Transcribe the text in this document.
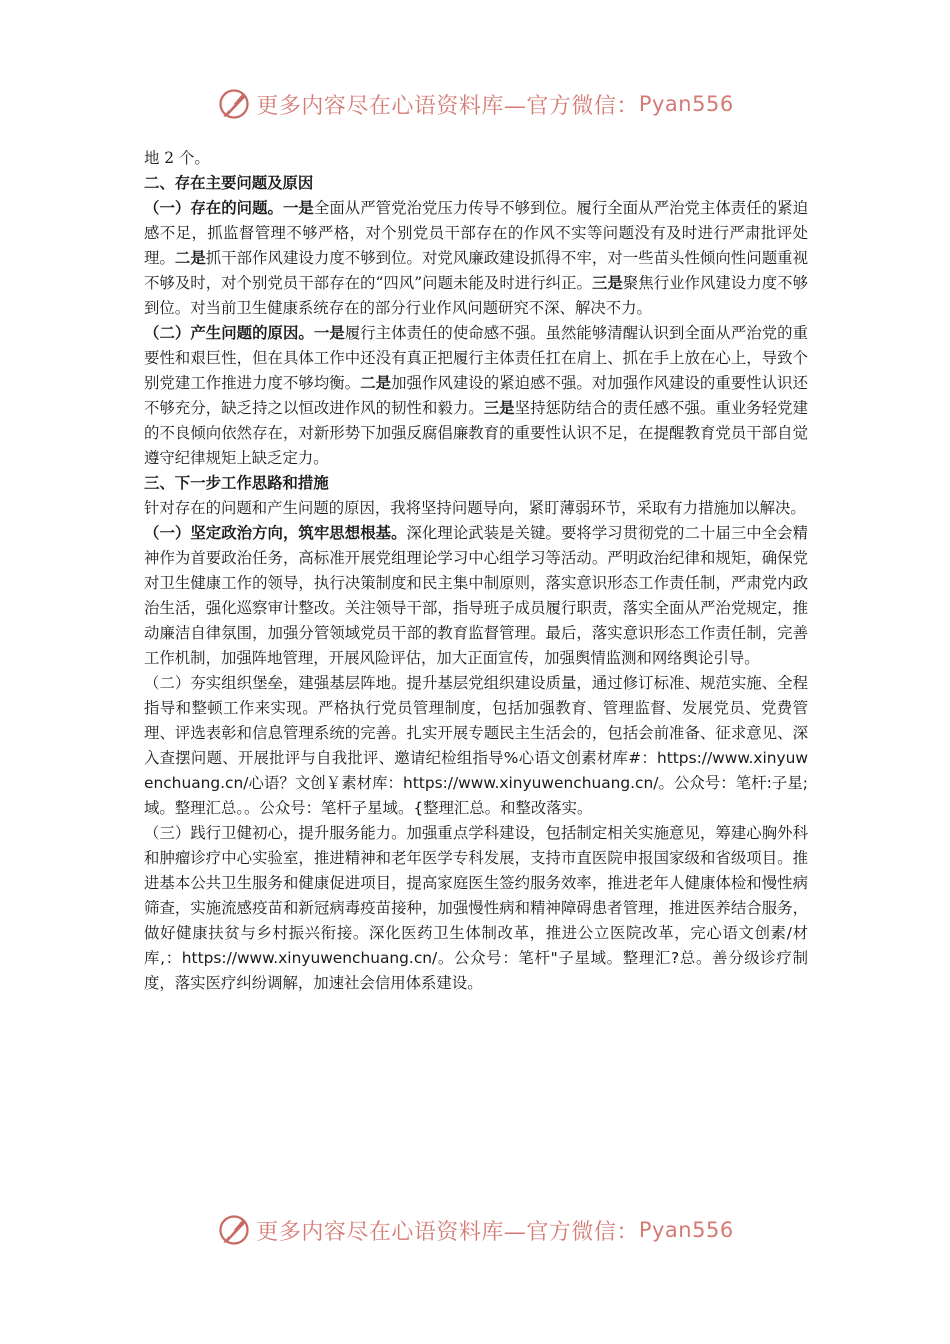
更多内容尽在心语资料库—官方微信： Pyan556

地 2 个。

二、存在主要问题及原因

（一）存在的问题。一是全面从严管党治党压力传导不够到位。履行全面从严治党主体责任的紧迫感不足，抓监督管理不够严格，对个别党员干部存在的作风不实等问题没有及时进行严肃批评处理。二是抓干部作风建设力度不够到位。对党风廉政建设抓得不牢，对一些苗头性倾向性问题重视不够及时，对个别党员干部存在的“四风”问题未能及时进行纠正。三是聚焦行业作风建设力度不够到位。对当前卫生健康系统存在的部分行业作风问题研究不深、解决不力。

（二）产生问题的原因。一是履行主体责任的使命感不强。虽然能够清醒认识到全面从严治党的重要性和艰巨性，但在具体工作中还没有真正把履行主体责任扛在肩上、抓在手上放在心上，导致个别党建工作推进力度不够均衡。二是加强作风建设的紧迫感不强。对加强作风建设的重要性认识还不够充分，缺乏持之以恒改进作风的韧性和毅力。三是坚持惩防结合的责任感不强。重业务轻党建的不良倾向依然存在，对新形势下加强反腐倡廉教育的重要性认识不足，在提醒教育党员干部自觉遵守纪律规矩上缺乏定力。

三、下一步工作思路和措施

针对存在的问题和产生问题的原因，我将坚持问题导向，紧盯薄弱环节，采取有力措施加以解决。

（一）坚定政治方向，筑牢思想根基。深化理论武装是关键。要将学习贯彻党的二十届三中全会精神作为首要政治任务，高标准开展党组理论学习中心组学习等活动。严明政治纪律和规矩，确保党对卫生健康工作的领导，执行决策制度和民主集中制原则，落实意识形态工作责任制，严肃党内政治生活，强化巡察审计整改。关注领导干部，指导班子成员履行职责，落实全面从严治党规定，推动廉洁自律氛围，加强分管领域党员干部的教育监督管理。最后，落实意识形态工作责任制，完善工作机制，加强阵地管理，开展风险评估，加大正面宣传，加强舆情监测和网络舆论引导。

（二）夯实组织堡垒，建强基层阵地。提升基层党组织建设质量，通过修订标准、规范实施、全程指导和整顿工作来实现。严格执行党员管理制度，包括加强教育、管理监督、发展党员、党费管理、评选表彰和信息管理系统的完善。扎实开展专题民主生活会的，包括会前准备、征求意见、深入查摆问题、开展批评与自我批评、邀请纪检组指导%心语文创素材库#：https://www.xinyuwenchuang.cn/心语？文创￥素材库：https://www.xinyuwenchuang.cn/。公众号：笔杆:子星;域。整理汇总。。公众号：笔杆子星域。{整理汇总。和整改落实。

（三）践行卫健初心，提升服务能力。加强重点学科建设，包括制定相关实施意见，筹建心胸外科和肿瘤诊疗中心实验室，推进精神和老年医学专科发展，支持市直医院申报国家级和省级项目。推进基本公共卫生服务和健康促进项目，提高家庭医生签约服务效率，推进老年人健康体检和慢性病筛查，实施流感疫苗和新冠病毒疫苗接种，加强慢性病和精神障碍患者管理，推进医养结合服务，做好健康扶贫与乡村振兴衔接。深化医药卫生体制改革，推进公立医院改革，完心语文创素/材库,：https://www.xinyuwenchuang.cn/。公众号：笔杆"子星域。整理汇?总。善分级诊疗制度，落实医疗纠纷调解，加速社会信用体系建设。

更多内容尽在心语资料库—官方微信： Pyan556
